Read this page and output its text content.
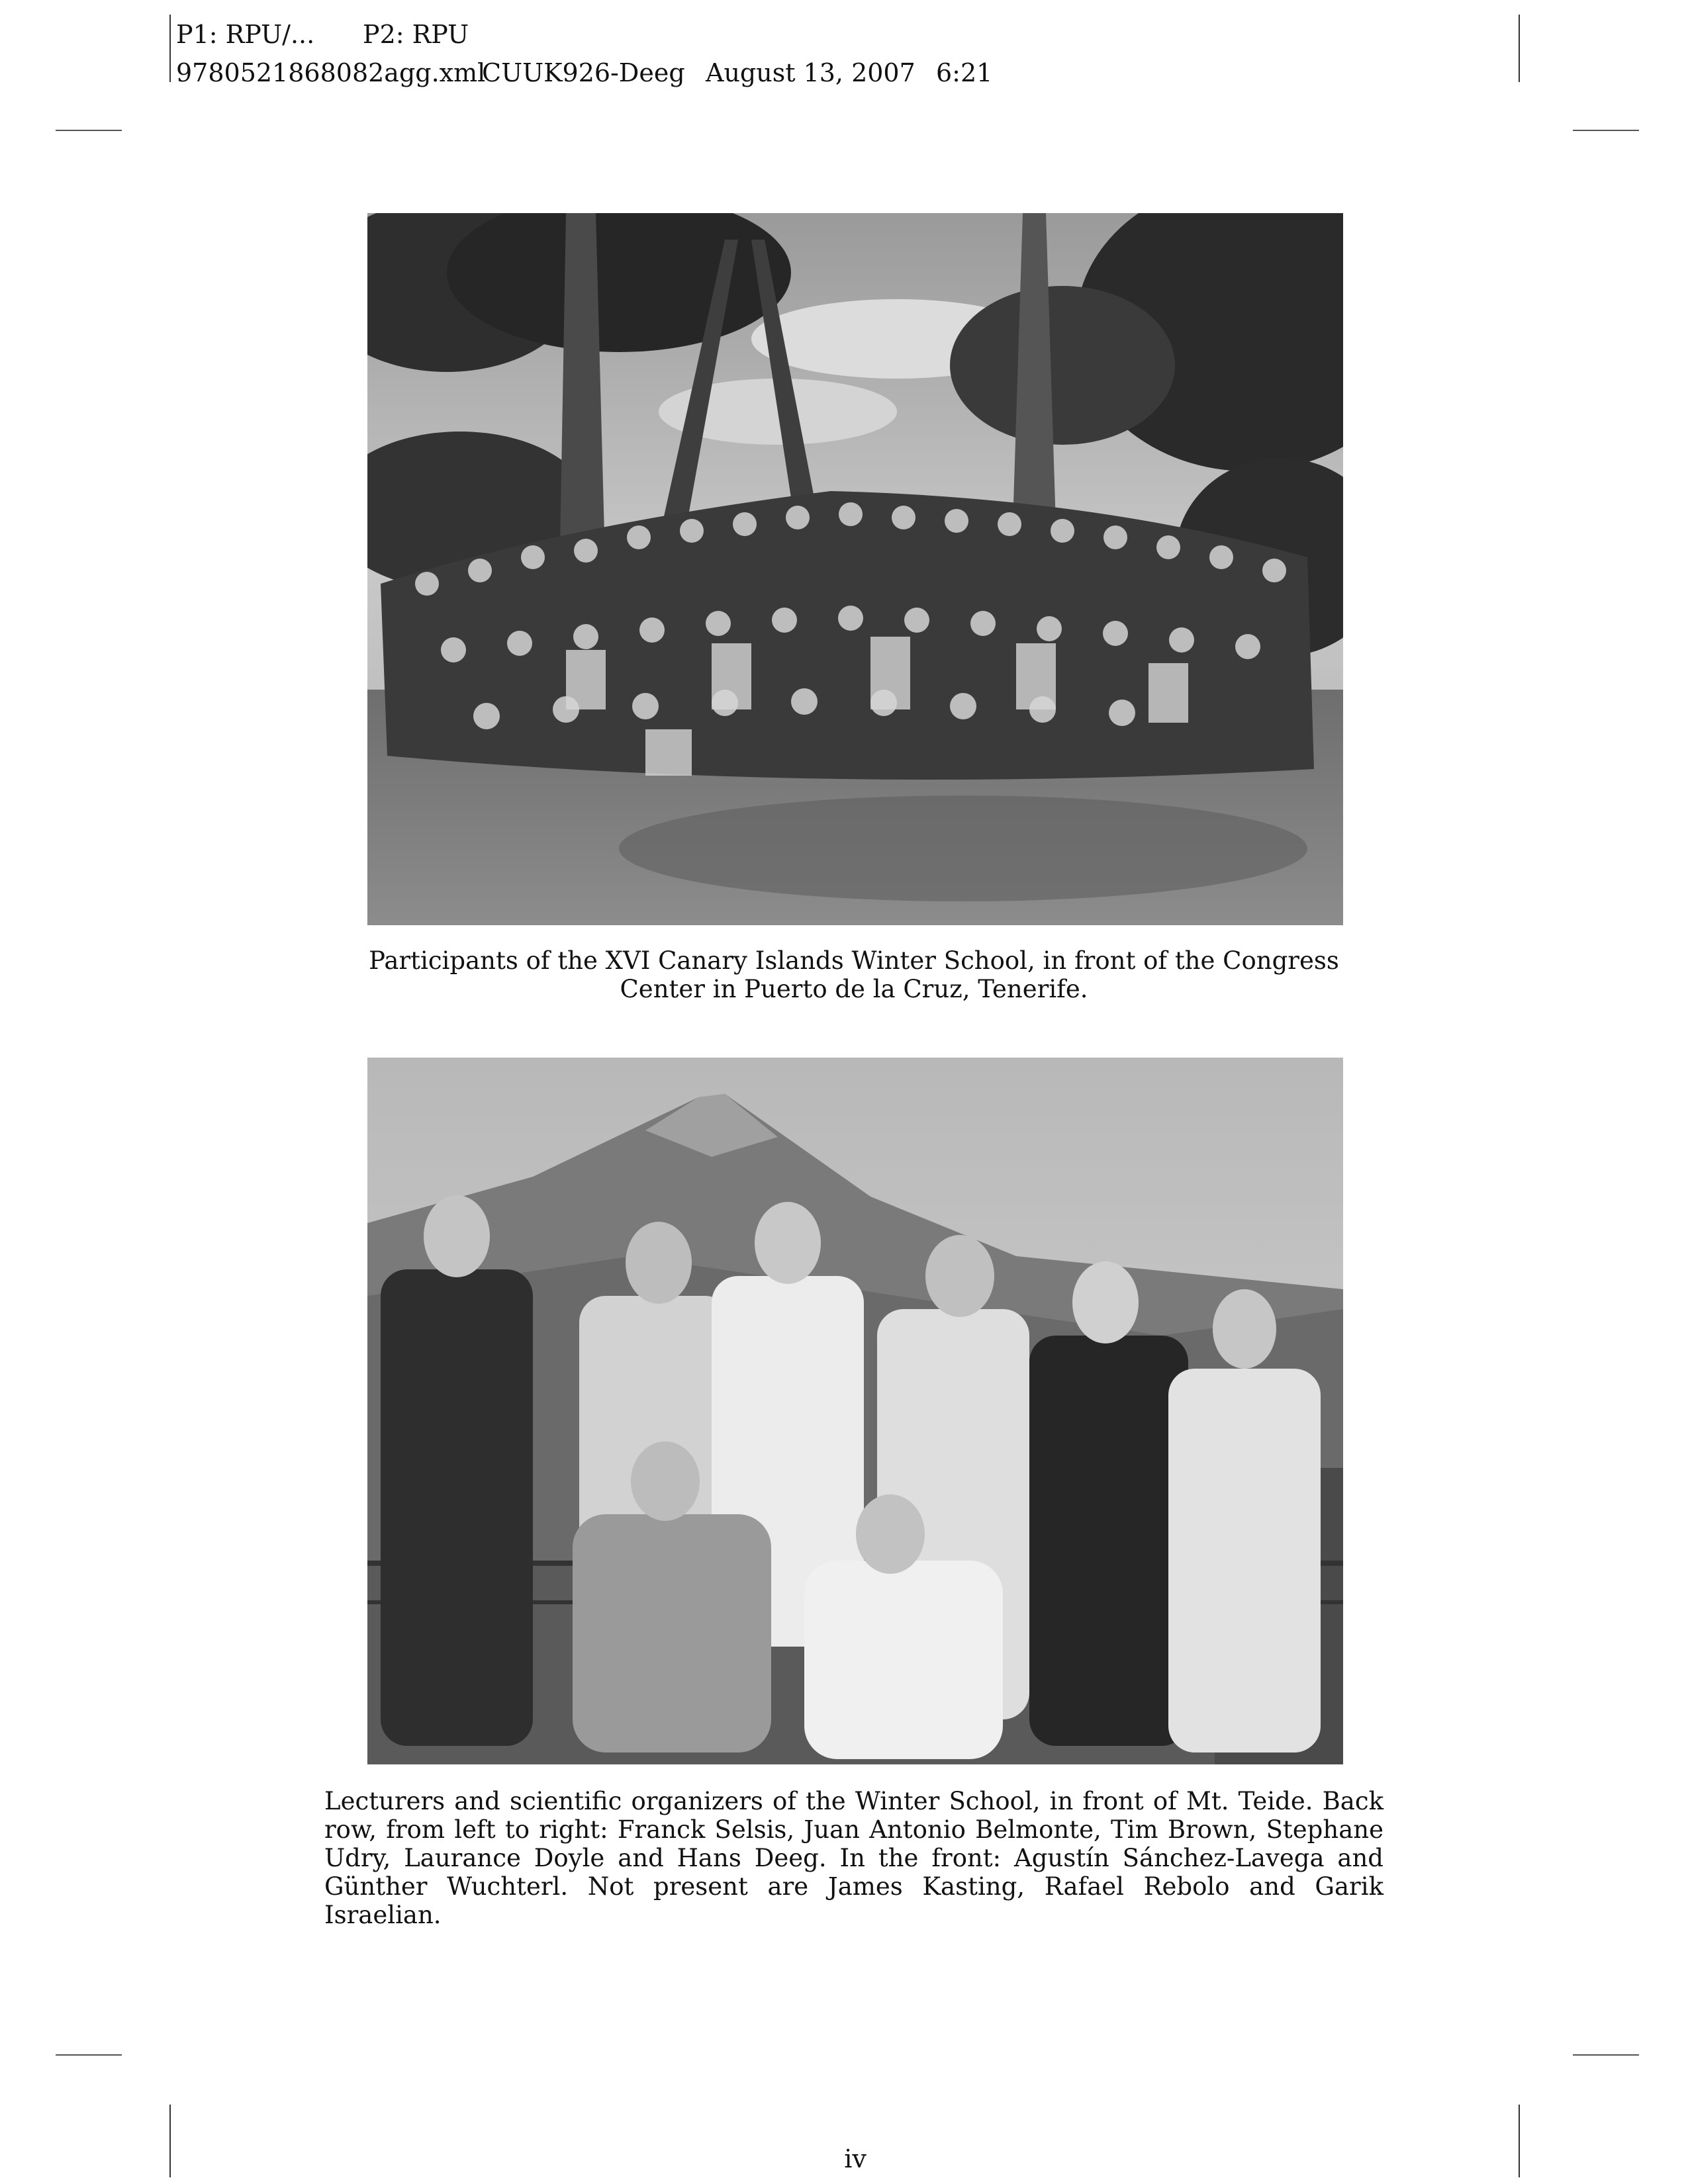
P1: RPU/... P2: RPU
9780521868082agg.xml
CUUK926-Deeg August 13, 2007 6:21
Participants of the XVI Canary Islands Winter School, in front of the Congress Center in Puerto de la Cruz, Tenerife.
Lecturers and scientific organizers of the Winter School, in front of Mt. Teide. Back row, from left to right: Franck Selsis, Juan Antonio Belmonte, Tim Brown, Stephane Udry, Laurance Doyle and Hans Deeg. In the front: Agustín Sánchez-Lavega and Günther Wuchterl. Not present are James Kasting, Rafael Rebolo and Garik Israelian.
iv
